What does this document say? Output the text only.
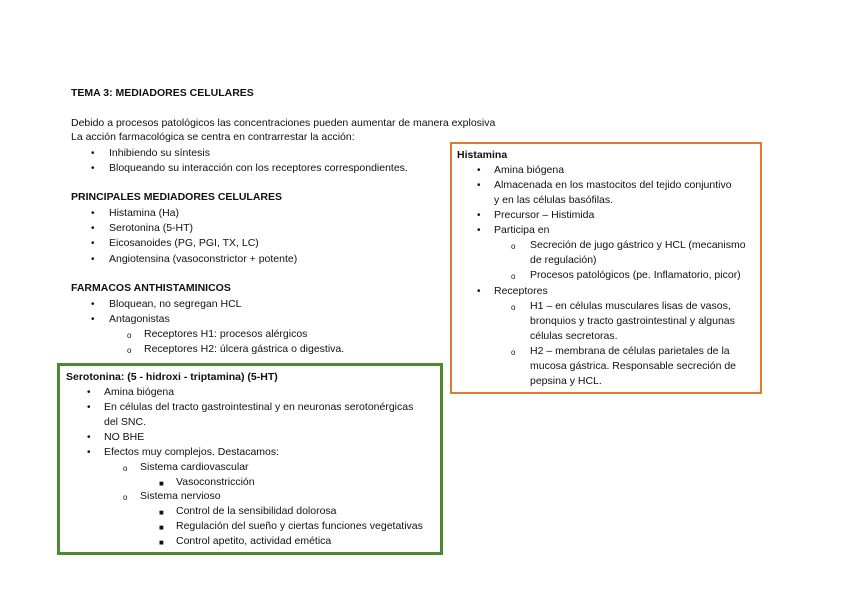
TEMA 3: MEDIADORES CELULARES
Debido a procesos patológicos las concentraciones pueden aumentar de manera explosiva
La acción farmacológica se centra en contrarrestar la acción:
• Inhibiendo su síntesis
• Bloqueando su interacción con los receptores correspondientes.
PRINCIPALES MEDIADORES CELULARES
• Histamina (Ha)
• Serotonina (5-HT)
• Eicosanoides (PG, PGI, TX, LC)
• Angiotensina (vasoconstrictor + potente)
FARMACOS ANTHISTAMINICOS
• Bloquean, no segregan HCL
• Antagonistas
o Receptores H1: procesos alérgicos
o Receptores H2: úlcera gástrica o digestiva.
Histamina
• Amina biógena
• Almacenada en los mastocitos del tejido conjuntivo
y en las células basófilas.
• Precursor – Histimida
• Participa en
o Secreción de jugo gástrico y HCL (mecanismo
de regulación)
o Procesos patológicos (pe. Inflamatorio, picor)
• Receptores
o H1 – en células musculares lisas de vasos,
bronquios y tracto gastrointestinal y algunas
células secretoras.
o H2 – membrana de células parietales de la
mucosa gástrica. Responsable secreción de
pepsina y HCL.
Serotonina: (5 - hidroxi - triptamina) (5-HT)
• Amina biógena
• En células del tracto gastrointestinal y en neuronas serotonérgicas
del SNC.
• NO BHE
• Efectos muy complejos. Destacamos:
o Sistema cardiovascular
■ Vasoconstricción
o Sistema nervioso
■ Control de la sensibilidad dolorosa
■ Regulación del sueño y ciertas funciones vegetativas
■ Control apetito, actividad emética
